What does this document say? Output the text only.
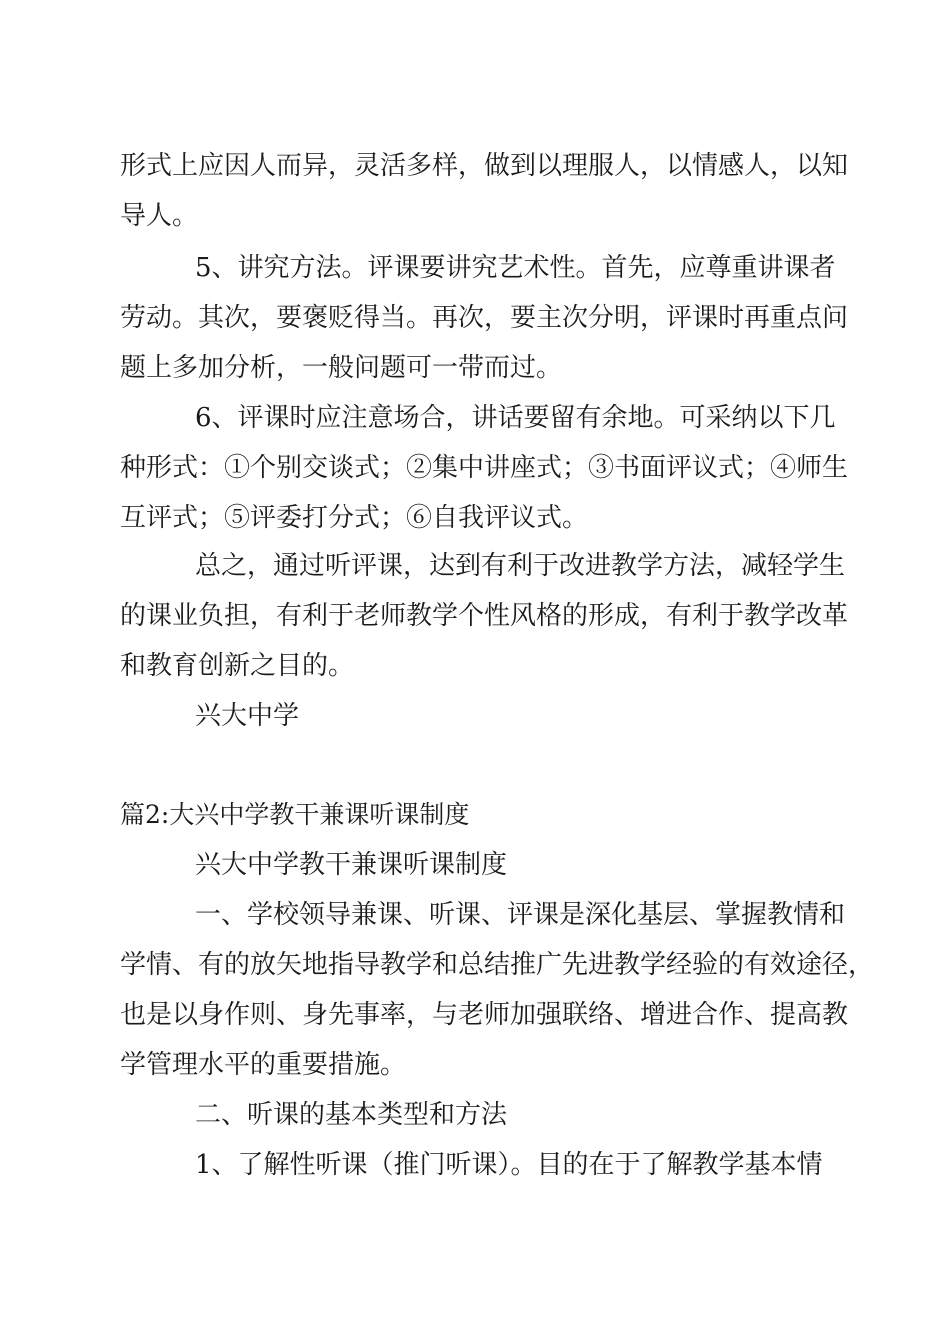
形式上应因人而异，灵活多样，做到以理服人，以情感人，以知
导人。
5、讲究方法。评课要讲究艺术性。首先，应尊重讲课者
劳动。其次，要褒贬得当。再次，要主次分明，评课时再重点问
题上多加分析，一般问题可一带而过。
6、评课时应注意场合，讲话要留有余地。可采纳以下几
种形式：①个别交谈式；②集中讲座式；③书面评议式；④师生
互评式；⑤评委打分式；⑥自我评议式。
总之，通过听评课，达到有利于改进教学方法，减轻学生
的课业负担，有利于老师教学个性风格的形成，有利于教学改革
和教育创新之目的。
兴大中学
篇2:大兴中学教干兼课听课制度
兴大中学教干兼课听课制度
一、学校领导兼课、听课、评课是深化基层、掌握教情和
学情、有的放矢地指导教学和总结推广先进教学经验的有效途径，
也是以身作则、身先事率，与老师加强联络、增进合作、提高教
学管理水平的重要措施。
二、听课的基本类型和方法
1、了解性听课（推门听课）。目的在于了解教学基本情
